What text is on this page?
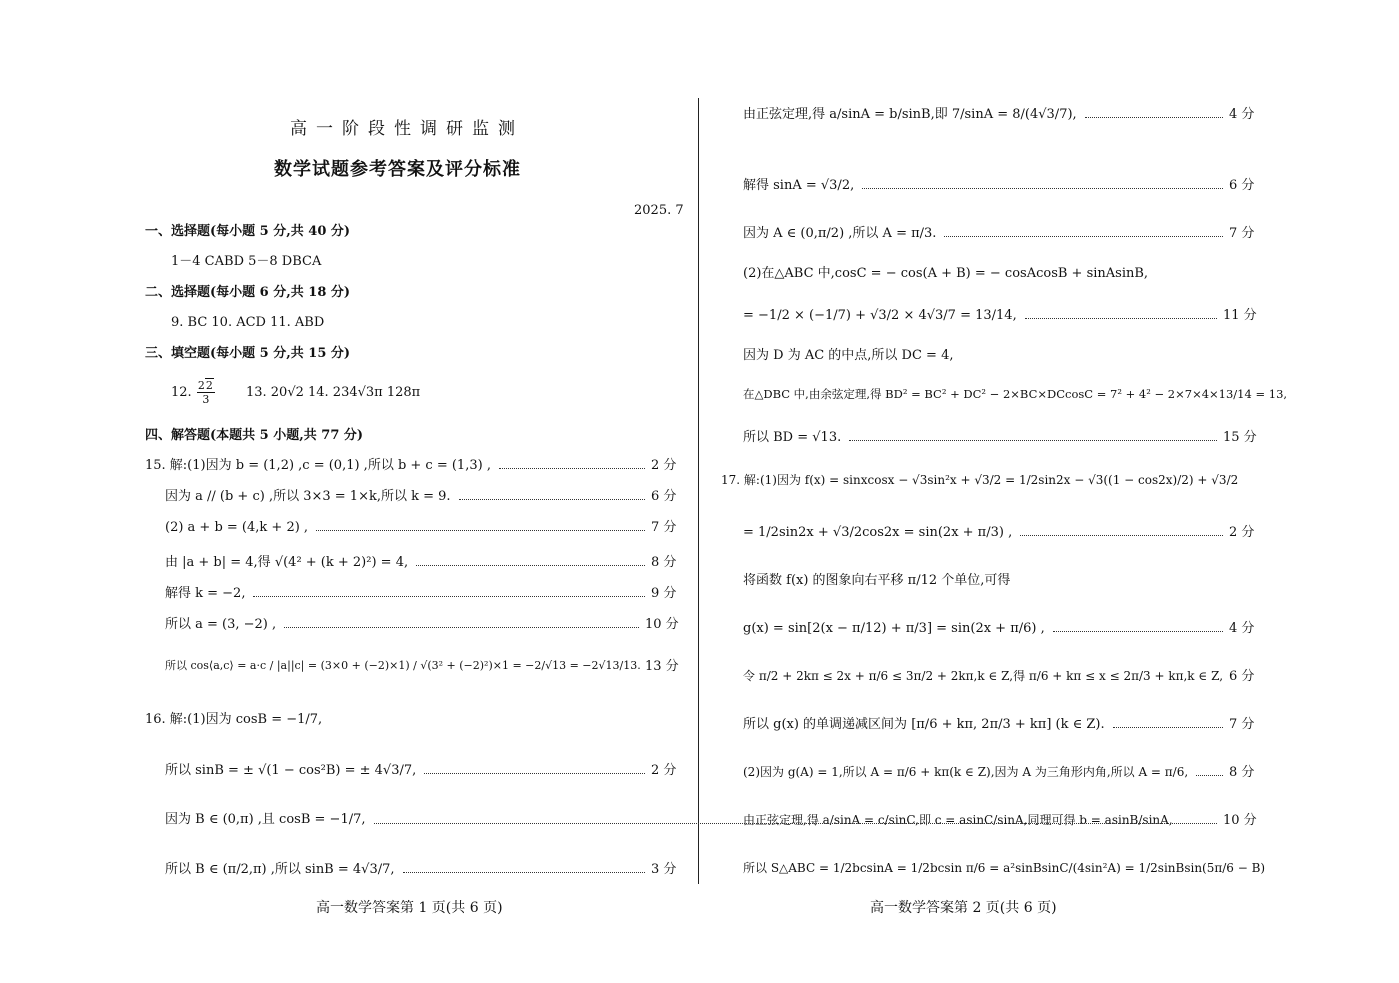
高一阶段性调研监测
数学试题参考答案及评分标准
2025. 7
一、选择题(每小题 5 分,共 40 分)
1－4 CABD 5－8 DBCA
二、选择题(每小题 6 分,共 18 分)
9. BC 10. ACD 11. ABD
三、填空题(每小题 5 分,共 15 分)
12. $\frac{22}{3} 13$. 20√2 14. 234√3π 128π
四、解答题(本题共 5 小题,共 77 分)
15. 解:(1)因为 b = (1,2) ,c = (0,1) ,所以 b + c = (1,3) ,	2 分
因为 a // (b + c) ,所以 3×3 = 1×k,所以 k = 9.	6 分
(2) a + b = (4,k + 2) ,	7 分
由 |a + b| = 4,得 √(4² + (k + 2)²) = 4,	8 分
解得 k = −2,	9 分
所以 a = (3, −2) ,	10 分
所以 cos⟨a,c⟩ = a·c / |a||c| = (3×0 + (−2)×1) / √(3² + (−2)²)×1 = −2/√13 = −2√13/13. 13 分
16. 解:(1)因为 cosB = −1/7,
所以 sinB = ± √(1 − cos²B) = ± 4√3/7,	2 分
因为 B ∈ (0,π) ,且 cosB = −1/7,
所以 B ∈ (π/2,π) ,所以 sinB = 4√3/7,	3 分
高一数学答案第 1 页(共 6 页)
由正弦定理,得 a/sinA = b/sinB,即 7/sinA = 8/(4√3/7),	4 分
解得 sinA = √3/2,	6 分
因为 A ∈ (0,π/2) ,所以 A = π/3.	7 分
(2)在△ABC 中,cosC = − cos(A + B) = − cosAcosB + sinAsinB,
= −1/2 × (−1/7) + √3/2 × 4√3/7 = 13/14,	11 分
因为 D 为 AC 的中点,所以 DC = 4,
在△DBC 中,由余弦定理,得 BD² = BC² + DC² − 2×BC×DCcosC = 7² + 4² − 2×7×4×13/14 = 13,
所以 BD = √13.	15 分
17. 解:(1)因为 f(x) = sinxcosx − √3sin²x + √3/2 = 1/2sin2x − √3((1 − cos2x)/2) + √3/2
= 1/2sin2x + √3/2cos2x = sin(2x + π/3) ,	2 分
将函数 f(x) 的图象向右平移 π/12 个单位,可得
g(x) = sin[2(x − π/12) + π/3] = sin(2x + π/6) ,	4 分
令 π/2 + 2kπ ≤ 2x + π/6 ≤ 3π/2 + 2kπ,k ∈ Z,得 π/6 + kπ ≤ x ≤ 2π/3 + kπ,k ∈ Z, 6 分
所以 g(x) 的单调递减区间为 [π/6 + kπ, 2π/3 + kπ] (k ∈ Z).	7 分
(2)因为 g(A) = 1,所以 A = π/6 + kπ(k ∈ Z),因为 A 为三角形内角,所以 A = π/6,	8 分
由正弦定理,得 a/sinA = c/sinC,即 c = asinC/sinA,同理可得 b = asinB/sinA,	10 分
所以 S△ABC = 1/2bcsinA = 1/2bcsin π/6 = a²sinBsinC/(4sin²A) = 1/2sinBsin(5π/6 − B)
高一数学答案第 2 页(共 6 页)
